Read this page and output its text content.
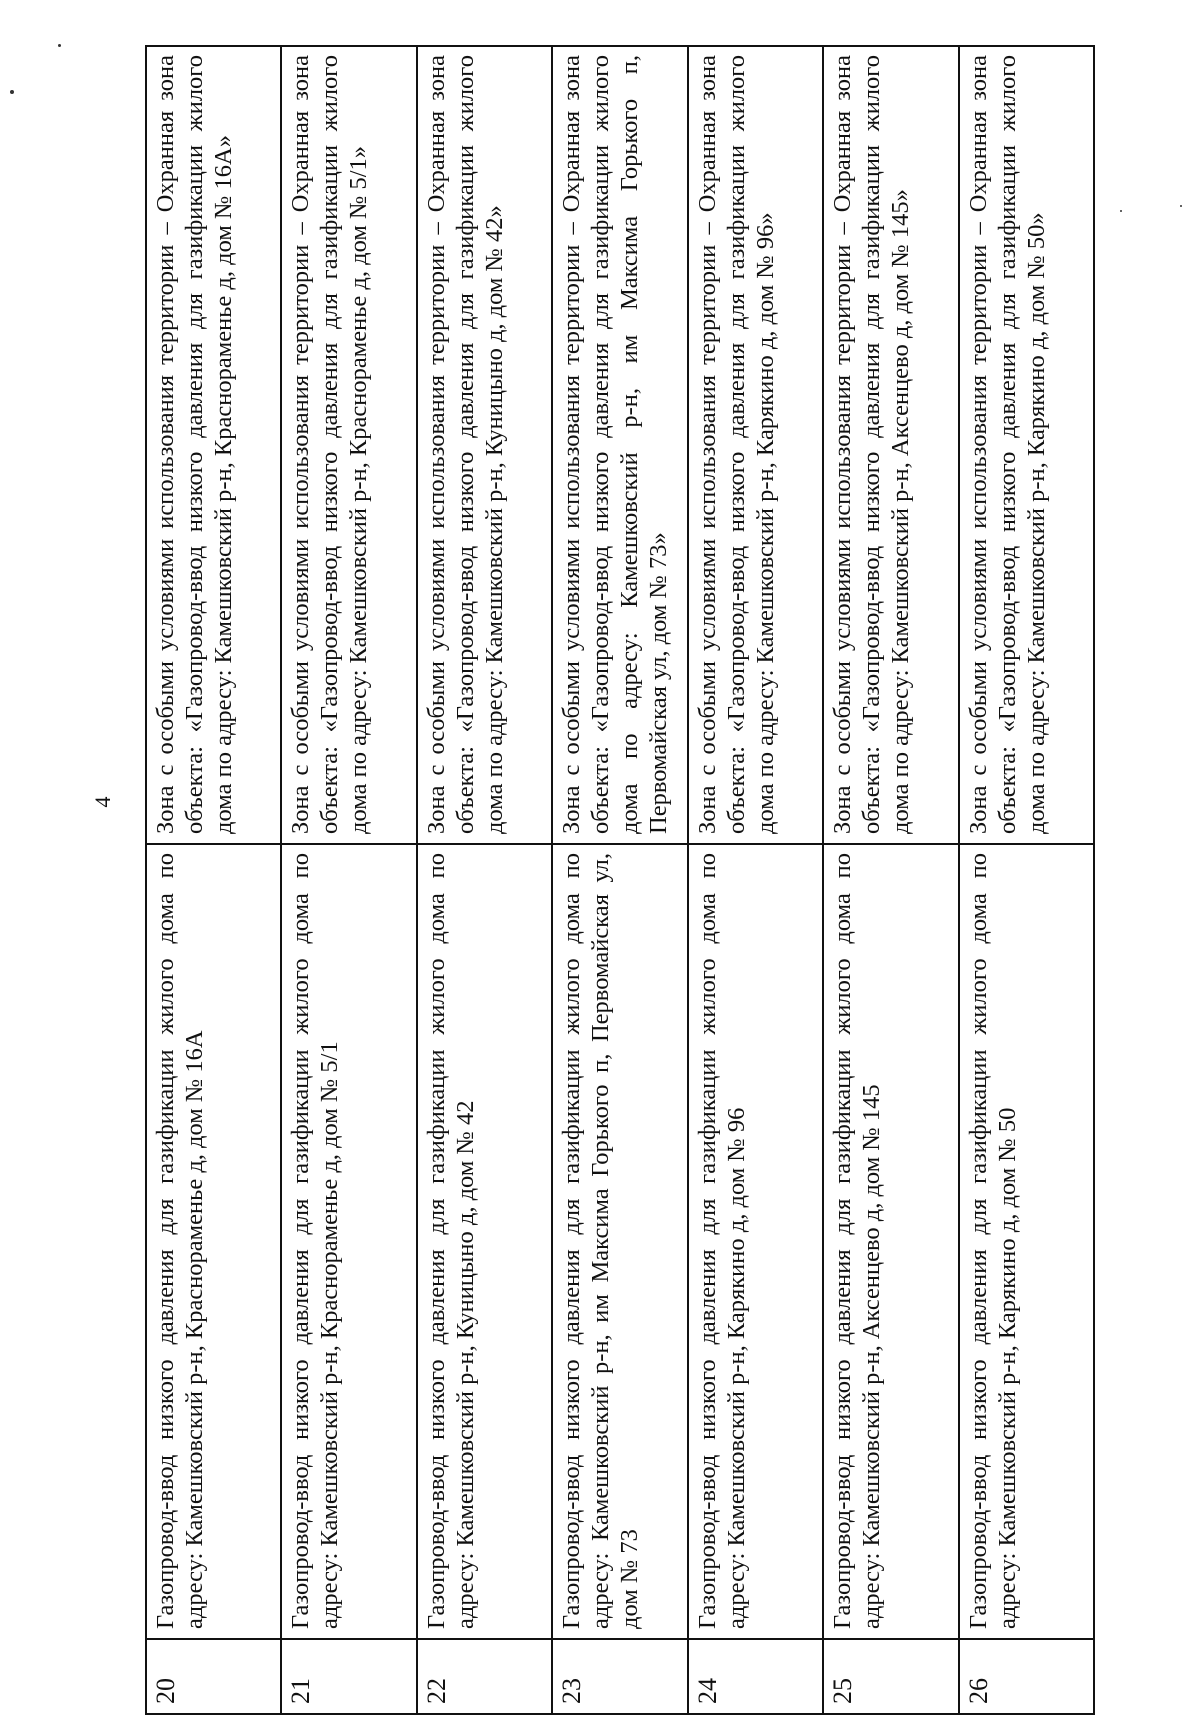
4
20
Газопровод-ввод низкого давления для газификации жилого дома по адресу: Камешковский р-н, Краснораменье д, дом № 16А
Зона с особыми условиями использования территории – Охранная зона объекта: «Газопровод-ввод низкого давления для газификации жилого дома по адресу: Камешковский р-н, Краснораменье д, дом № 16А»
21
Газопровод-ввод низкого давления для газификации жилого дома по адресу: Камешковский р-н, Краснораменье д, дом № 5/1
Зона с особыми условиями использования территории – Охранная зона объекта: «Газопровод-ввод низкого давления для газификации жилого дома по адресу: Камешковский р-н, Краснораменье д, дом № 5/1»
22
Газопровод-ввод низкого давления для газификации жилого дома по адресу: Камешковский р-н, Куницыно д, дом № 42
Зона с особыми условиями использования территории – Охранная зона объекта: «Газопровод-ввод низкого давления для газификации жилого дома по адресу: Камешковский р-н, Куницыно д, дом № 42»
23
Газопровод-ввод низкого давления для газификации жилого дома по адресу: Камешковский р-н, им Максима Горького п, Первомайская ул, дом № 73
Зона с особыми условиями использования территории – Охранная зона объекта: «Газопровод-ввод низкого давления для газификации жилого дома по адресу: Камешковский р-н, им Максима Горького п, Первомайская ул, дом № 73»
24
Газопровод-ввод низкого давления для газификации жилого дома по адресу: Камешковский р-н, Карякино д, дом № 96
Зона с особыми условиями использования территории – Охранная зона объекта: «Газопровод-ввод низкого давления для газификации жилого дома по адресу: Камешковский р-н, Карякино д, дом № 96»
25
Газопровод-ввод низкого давления для газификации жилого дома по адресу: Камешковский р-н, Аксенцево д, дом № 145
Зона с особыми условиями использования территории – Охранная зона объекта: «Газопровод-ввод низкого давления для газификации жилого дома по адресу: Камешковский р-н, Аксенцево д, дом № 145»
26
Газопровод-ввод низкого давления для газификации жилого дома по адресу: Камешковский р-н, Карякино д, дом № 50
Зона с особыми условиями использования территории – Охранная зона объекта: «Газопровод-ввод низкого давления для газификации жилого дома по адресу: Камешковский р-н, Карякино д, дом № 50»
